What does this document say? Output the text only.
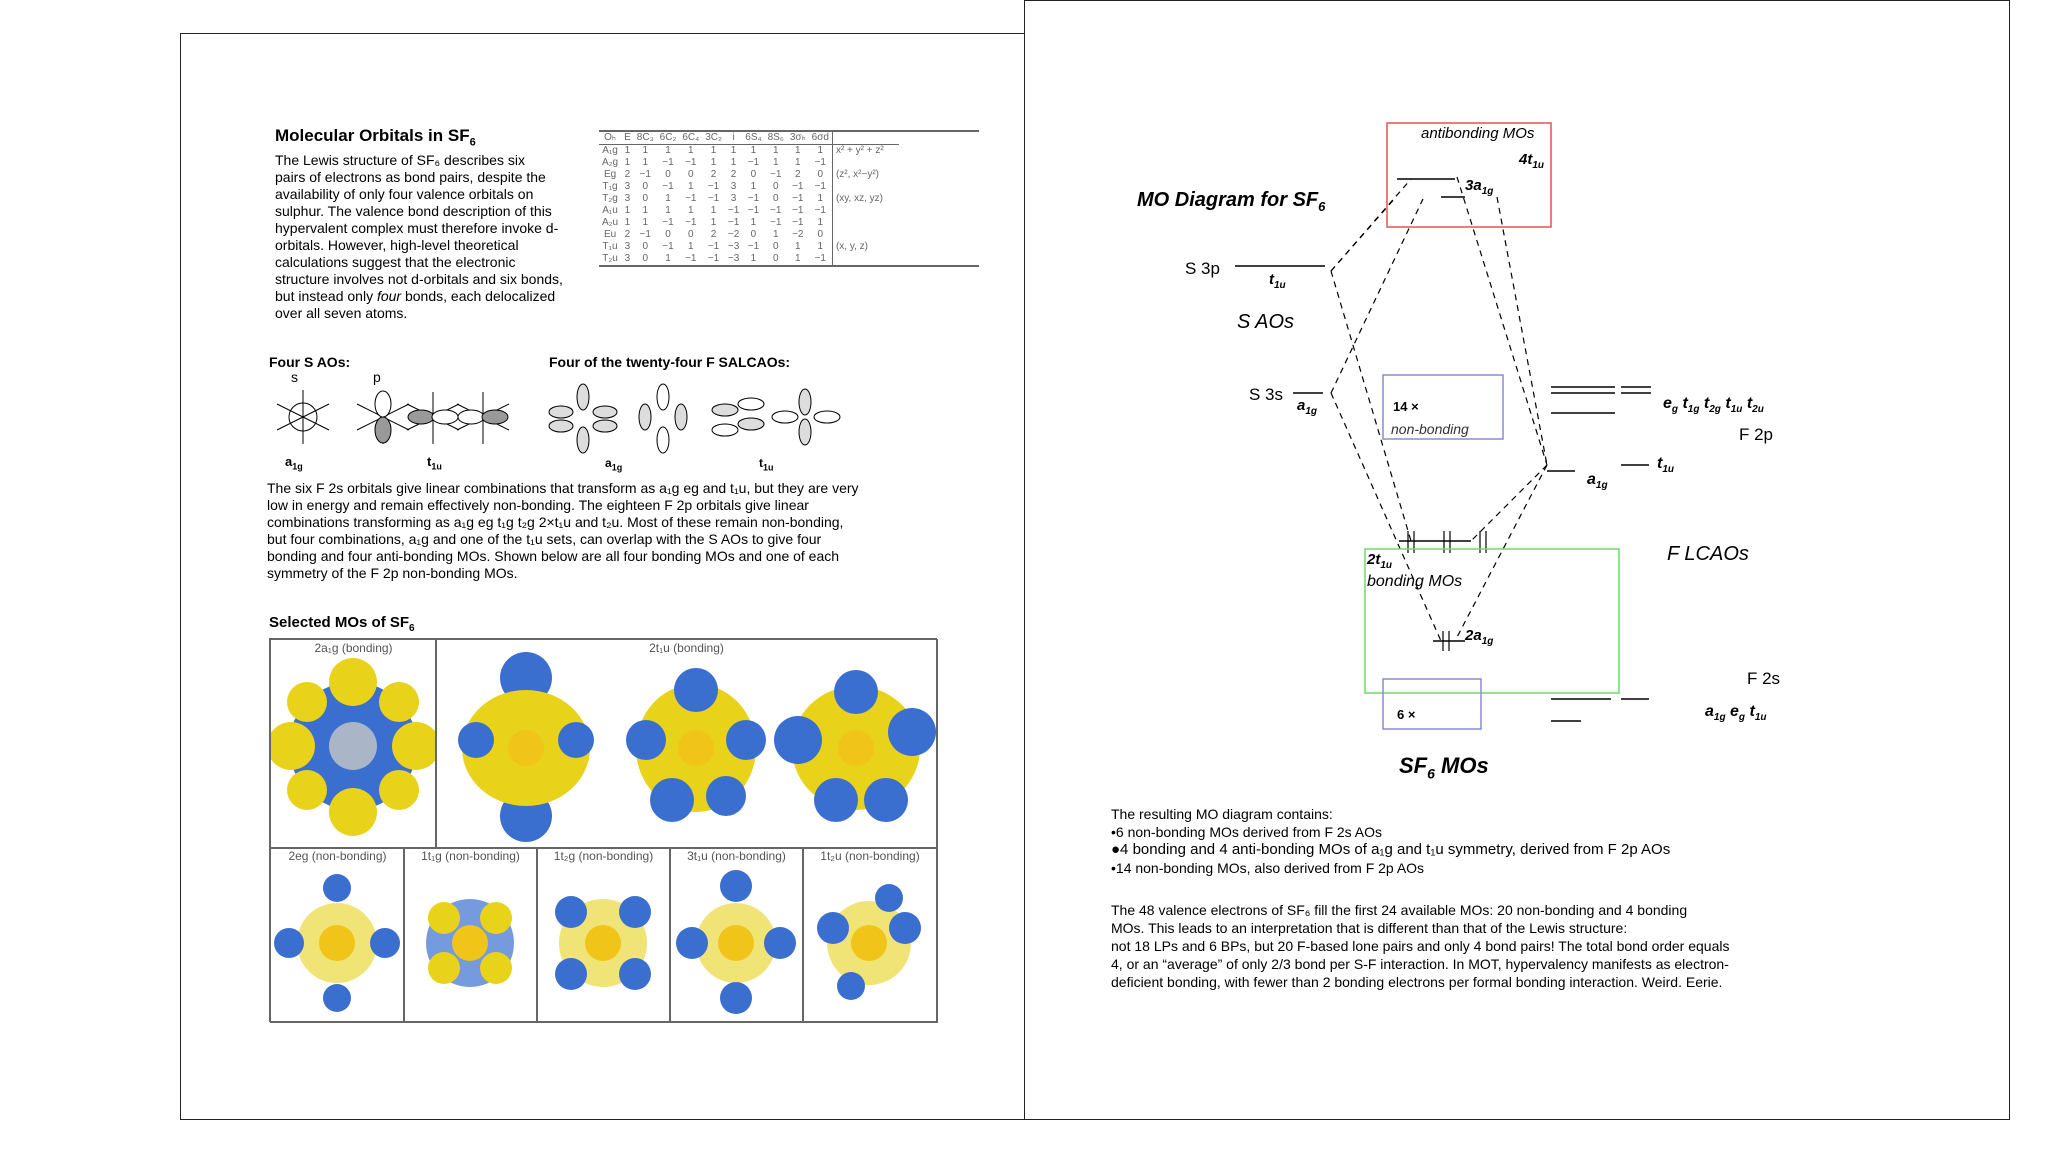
Molecular Orbitals in $SF_6$
The Lewis structure of SF₆ describes six
pairs of electrons as bond pairs, despite the
availability of only four valence orbitals on
sulphur. The valence bond description of this
hypervalent complex must therefore invoke d-
orbitals. However, high-level theoretical
calculations suggest that the electronic
structure involves not d-orbitals and six bonds,
but instead only four bonds, each delocalized
over all seven atoms.
Oₕ	E	8C₃	6C₂	6C₄	3C₂	i	6S₄	8S₆	3σₕ	6σd	
A₁g	1	1	1	1	1	1	1	1	1	1	x² + y² + z²
A₂g	1	1	−1	−1	1	1	−1	1	1	−1	
Eg	2	−1	0	0	2	2	0	−1	2	0	(z², x²−y²)
T₁g	3	0	−1	1	−1	3	1	0	−1	−1	
T₂g	3	0	1	−1	−1	3	−1	0	−1	1	(xy, xz, yz)
A₁u	1	1	1	1	1	−1	−1	−1	−1	−1	
A₂u	1	1	−1	−1	1	−1	1	−1	−1	1	
Eu	2	−1	0	0	2	−2	0	1	−2	0	
T₁u	3	0	−1	1	−1	−3	−1	0	1	1	(x, y, z)
T₂u	3	0	1	−1	−1	−3	1	0	1	−1	
Four S AOs:	Four of the twenty-four F SALCAOs:
s	p
$a_{1g}$	$t_{1u}$	$a_{1g}$	$t_{1u}$
The six F 2s orbitals give linear combinations that transform as a₁g eg and t₁u, but they are very
low in energy and remain effectively non-bonding. The eighteen F 2p orbitals give linear
combinations transforming as a₁g eg t₁g t₂g 2×t₁u and t₂u. Most of these remain non-bonding,
but four combinations, a₁g and one of the t₁u sets, can overlap with the S AOs to give four
bonding and four anti-bonding MOs. Shown below are all four bonding MOs and one of each
symmetry of the F 2p non-bonding MOs.
Selected MOs of $SF_6$
2a₁g (bonding)	2t₁u (bonding)
2eg (non-bonding)	1t₁g (non-bonding)	1t₂g (non-bonding)	3t₁u (non-bonding)	1t₂u (non-bonding)
MO Diagram for $SF_6$
antibonding MOs
$4t_{1u}$
$3a_{1g}$
S 3p
$t_{1u}$
S AOs
S 3s
$a_{1g}$	14 ×
non-bonding
$e_g$ $t_{1g}$ $t_{2g}$ $t_{1u}$ $t_{2u}$
F 2p
$t_{1u}$
$a_{1g}$
F LCAOs
$2t_{1u}$
bonding MOs
$2a_{1g}$
F 2s
$a_{1g}$ $e_g$ $t_{1u}$
6 ×
$SF_6$ MOs
The resulting MO diagram contains:
•6 non-bonding MOs derived from F 2s AOs
●4 bonding and 4 anti-bonding MOs of a₁g and t₁u symmetry, derived from F 2p AOs
•14 non-bonding MOs, also derived from F 2p AOs
The 48 valence electrons of SF₆ fill the first 24 available MOs: 20 non-bonding and 4 bonding
MOs. This leads to an interpretation that is different than that of the Lewis structure:
not 18 LPs and 6 BPs, but 20 F-based lone pairs and only 4 bond pairs! The total bond order equals
4, or an “average” of only 2/3 bond per S-F interaction. In MOT, hypervalency manifests as electron-
deficient bonding, with fewer than 2 bonding electrons per formal bonding interaction. Weird. Eerie.
